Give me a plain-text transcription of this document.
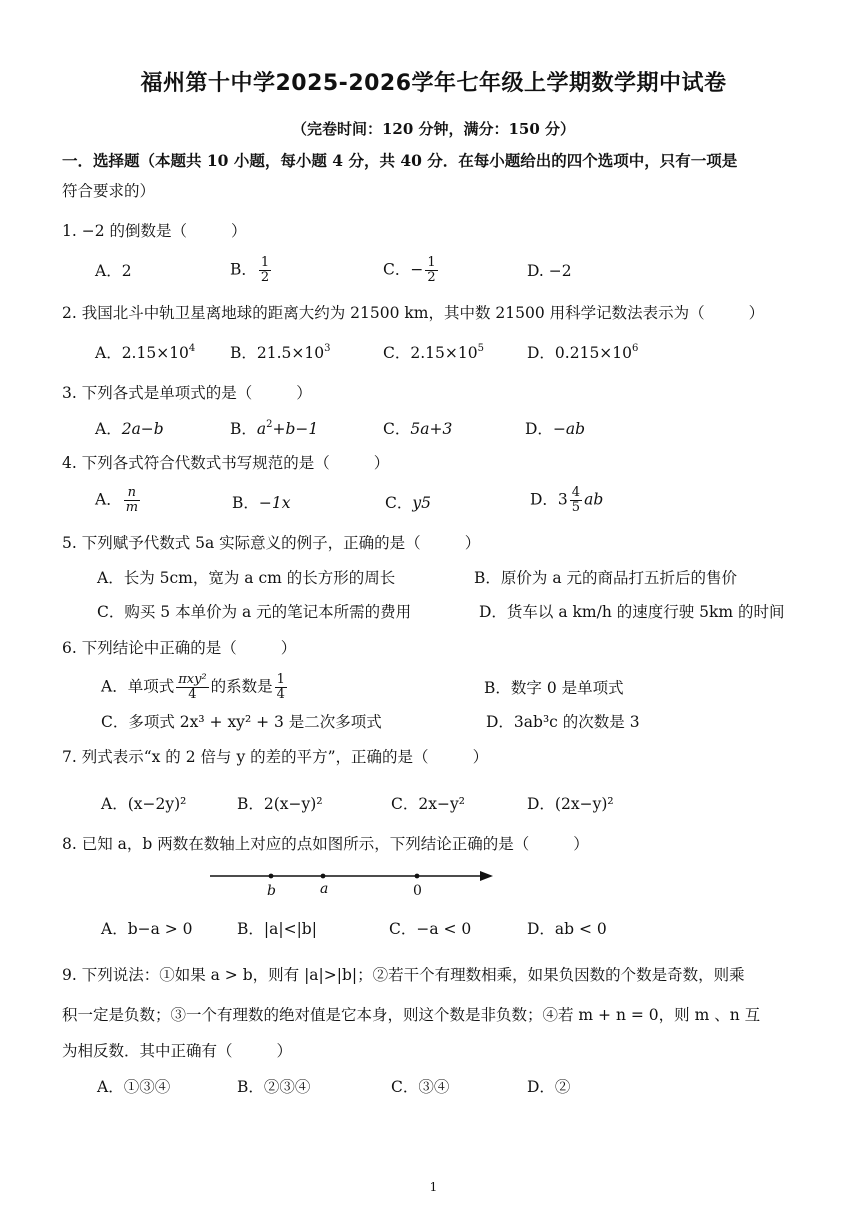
福州第十中学2025-2026学年七年级上学期数学期中试卷
（完卷时间：120 分钟，满分：150 分）
一．选择题（本题共 10 小题，每小题 4 分，共 40 分．在每小题给出的四个选项中，只有一项是
符合要求的）
1. −2 的倒数是（	）
A．2	B． $\frac{1}{2}$	C．− $\frac{1}{2}$	D. −2
2. 我国北斗中轨卫星离地球的距离大约为 21500 km，其中数 21500 用科学记数法表示为（	）
A．$2.15\times 10^4$ B．$21.5\times 10^3$	C．$2.15\times 10^5$	D．$0.215\times 10^6$
3. 下列各式是单项式的是（	）
A．2a−b	B．$a^2+b-1$	C．5a+3	D．−ab
4. 下列各式符合代数式书写规范的是（	）
A． $\frac{n}{m}$	B．−1x	C．y5	D．$3 \frac{4}{5}$ ab
5. 下列赋予代数式 5a 实际意义的例子，正确的是（	）
A．长为 5cm，宽为 a cm 的长方形的周长	B．原价为 a 元的商品打五折后的售价
C．购买 5 本单价为 a 元的笔记本所需的费用	D．货车以 a km/h 的速度行驶 5km 的时间
6. 下列结论中正确的是（	）
A．单项式 $\frac{\text{πxy²}}{4}$ 的系数是 $\frac{1}{4}$	B．数字 0 是单项式
C．多项式 2x³ + xy² + 3 是二次多项式	D．3ab³c 的次数是 3
7. 列式表示“x 的 2 倍与 y 的差的平方”，正确的是（	）
A．(x−2y)²	B．2(x−y)²	C．2x−y²	D．(2x−y)²
8. 已知 a，b 两数在数轴上对应的点如图所示，下列结论正确的是（	）
b	a	0
A．b−a > 0	B．|a|<|b|	C．−a < 0	D．ab < 0
9. 下列说法：①如果 a > b，则有 |a|>|b|；②若干个有理数相乘，如果负因数的个数是奇数，则乘
积一定是负数；③一个有理数的绝对值是它本身，则这个数是非负数；④若 m + n = 0，则 m 、n 互
为相反数．其中正确有（	）
A．①③④	B．②③④	C．③④	D．②
1
